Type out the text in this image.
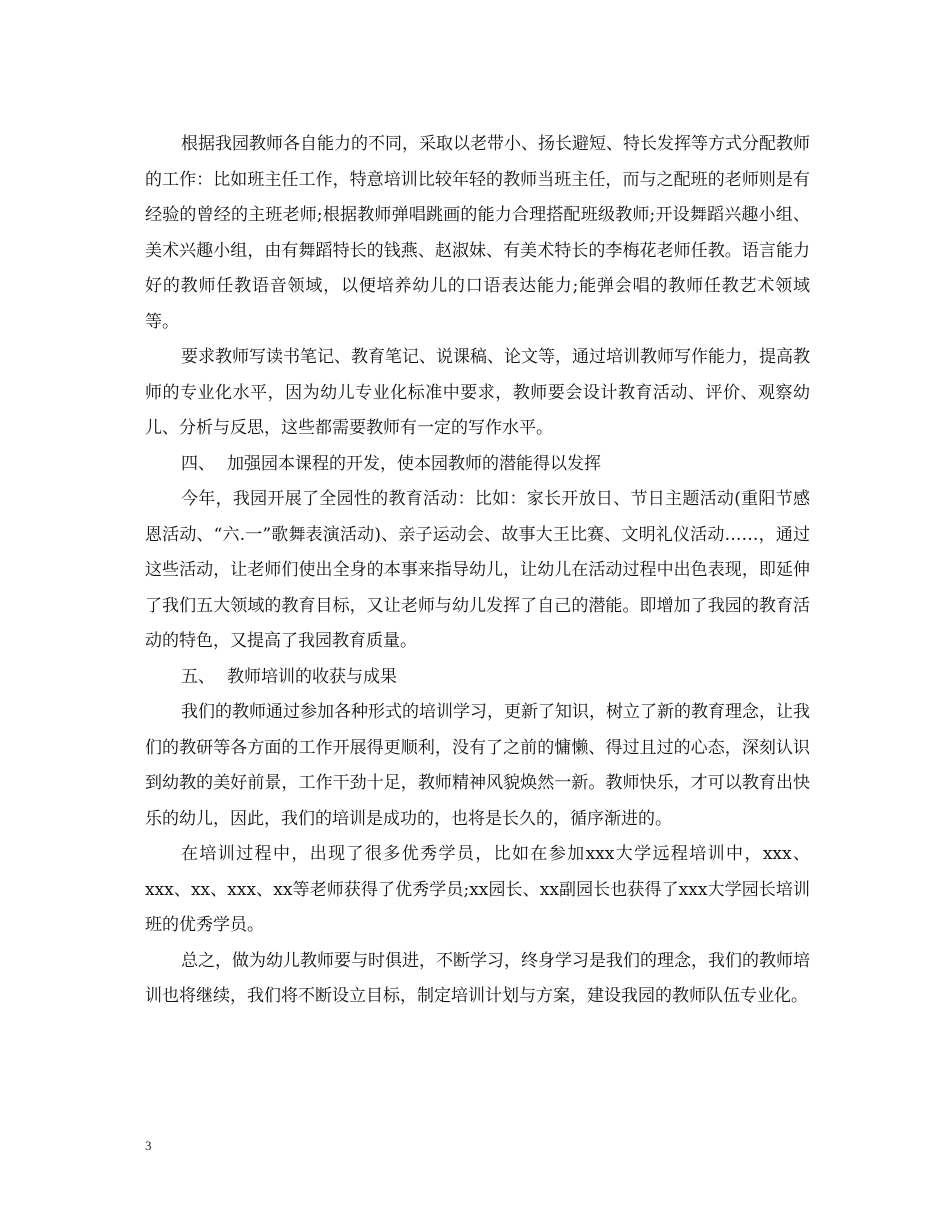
根据我园教师各自能力的不同，采取以老带小、扬长避短、特长发挥等方式分配教师的工作：比如班主任工作，特意培训比较年轻的教师当班主任，而与之配班的老师则是有经验的曾经的主班老师;根据教师弹唱跳画的能力合理搭配班级教师;开设舞蹈兴趣小组、美术兴趣小组，由有舞蹈特长的钱燕、赵淑妹、有美术特长的李梅花老师任教。语言能力好的教师任教语音领域，以便培养幼儿的口语表达能力;能弹会唱的教师任教艺术领域等。

要求教师写读书笔记、教育笔记、说课稿、论文等，通过培训教师写作能力，提高教师的专业化水平，因为幼儿专业化标准中要求，教师要会设计教育活动、评价、观察幼儿、分析与反思，这些都需要教师有一定的写作水平。

四、 加强园本课程的开发，使本园教师的潜能得以发挥

今年，我园开展了全园性的教育活动：比如：家长开放日、节日主题活动(重阳节感恩活动、“六.一”歌舞表演活动)、亲子运动会、故事大王比赛、文明礼仪活动……，通过这些活动，让老师们使出全身的本事来指导幼儿，让幼儿在活动过程中出色表现，即延伸了我们五大领域的教育目标，又让老师与幼儿发挥了自己的潜能。即增加了我园的教育活动的特色，又提高了我园教育质量。

五、 教师培训的收获与成果

我们的教师通过参加各种形式的培训学习，更新了知识，树立了新的教育理念，让我们的教研等各方面的工作开展得更顺利，没有了之前的慵懒、得过且过的心态，深刻认识到幼教的美好前景，工作干劲十足，教师精神风貌焕然一新。教师快乐，才可以教育出快乐的幼儿，因此，我们的培训是成功的，也将是长久的，循序渐进的。

在培训过程中，出现了很多优秀学员，比如在参加xxx大学远程培训中，xxx、xxx、xx、xxx、xx等老师获得了优秀学员;xx园长、xx副园长也获得了xxx大学园长培训班的优秀学员。

总之，做为幼儿教师要与时俱进，不断学习，终身学习是我们的理念，我们的教师培训也将继续，我们将不断设立目标，制定培训计划与方案，建设我园的教师队伍专业化。

3
